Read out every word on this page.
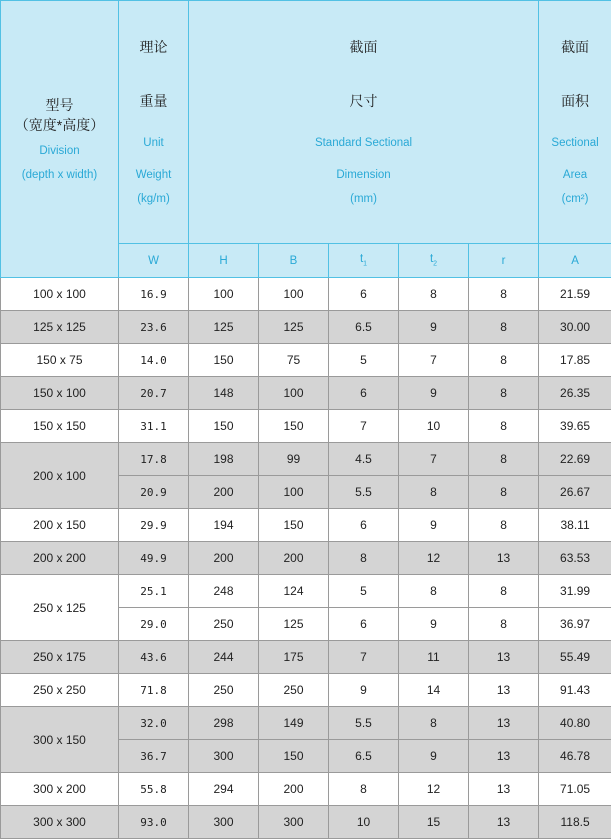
型号
（宽度*高度）
Division
(depth x width)	理论
重量
Unit
Weight
(kg/m)	截面
尺寸
Standard Sectional
Dimension
(mm)					截面
面积
Sectional
Area
(cm²)

	W	H	B	$t_1$	$t_2$	r	A
100 x 100	16.9	100	100	6	8	8	21.59
125 x 125	23.6	125	125	6.5	9	8	30.00
150 x 75	14.0	150	75	5	7	8	17.85
150 x 100	20.7	148	100	6	9	8	26.35
150 x 150	31.1	150	150	7	10	8	39.65
200 x 100	17.8	198	99	4.5	7	8	22.69
	20.9	200	100	5.5	8	8	26.67
200 x 150	29.9	194	150	6	9	8	38.11
200 x 200	49.9	200	200	8	12	13	63.53
250 x 125	25.1	248	124	5	8	8	31.99
	29.0	250	125	6	9	8	36.97
250 x 175	43.6	244	175	7	11	13	55.49
250 x 250	71.8	250	250	9	14	13	91.43
300 x 150	32.0	298	149	5.5	8	13	40.80
	36.7	300	150	6.5	9	13	46.78
300 x 200	55.8	294	200	8	12	13	71.05
300 x 300	93.0	300	300	10	15	13	118.5
